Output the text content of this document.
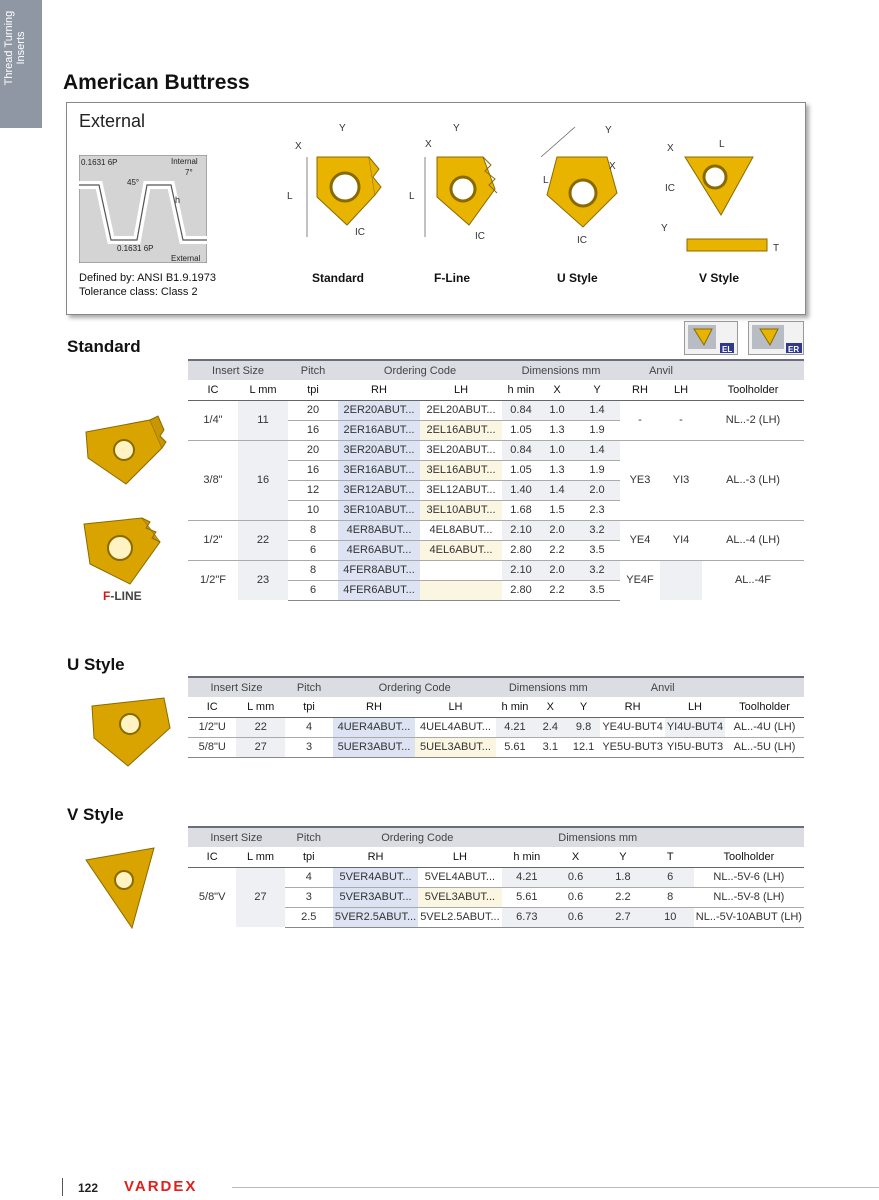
Thread Turning Inserts
American Buttress
External
0.1631 6P	Internal
7°
45°
h
0.1631 6P
External
Defined by: ANSI B1.9.1973
Tolerance class: Class 2
X
Y
L
IC
Standard
X
Y
L
IC
F-Line
Y
X
L
IC
U Style
X	L
IC
Y
T
V Style
EL	ER
Standard
F-LINE
Insert Size		Pitch	Ordering Code		Dimensions mm			Anvil		
IC	L mm	tpi	RH	LH	h min	X	Y	RH	LH	Toolholder
1/4"	11	20	2ER20ABUT...	2EL20ABUT...	0.84	1.0	1.4	-	-	NL..-2 (LH)
		16	2ER16ABUT...	2EL16ABUT...	1.05	1.3	1.9			
3/8"	16	20	3ER20ABUT...	3EL20ABUT...	0.84	1.0	1.4	YE3	YI3	AL..-3 (LH)
		16	3ER16ABUT...	3EL16ABUT...	1.05	1.3	1.9			
		12	3ER12ABUT...	3EL12ABUT...	1.40	1.4	2.0			
		10	3ER10ABUT...	3EL10ABUT...	1.68	1.5	2.3			
1/2"	22	8	4ER8ABUT...	4EL8ABUT...	2.10	2.0	3.2	YE4	YI4	AL..-4 (LH)
		6	4ER6ABUT...	4EL6ABUT...	2.80	2.2	3.5			
1/2"F	23	8	4FER8ABUT...		2.10	2.0	3.2	YE4F		AL..-4F
		6	4FER6ABUT...		2.80	2.2	3.5			
U Style
Insert Size		Pitch	Ordering Code		Dimensions mm			Anvil		
IC	L mm	tpi	RH	LH	h min	X	Y	RH	LH	Toolholder
1/2"U	22	4	4UER4ABUT...	4UEL4ABUT...	4.21	2.4	9.8	YE4U-BUT4	YI4U-BUT4	AL..-4U (LH)
5/8"U	27	3	5UER3ABUT...	5UEL3ABUT...	5.61	3.1	12.1	YE5U-BUT3	YI5U-BUT3	AL..-5U (LH)
V Style
Insert Size		Pitch	Ordering Code		Dimensions mm				
IC	L mm	tpi	RH	LH	h min	X	Y	T	Toolholder
5/8"V	27	4	5VER4ABUT...	5VEL4ABUT...	4.21	0.6	1.8	6	NL..-5V-6 (LH)
		3	5VER3ABUT...	5VEL3ABUT...	5.61	0.6	2.2	8	NL..-5V-8 (LH)
		2.5	5VER2.5ABUT...	5VEL2.5ABUT...	6.73	0.6	2.7	10	NL..-5V-10ABUT (LH)
122 VARDEX
